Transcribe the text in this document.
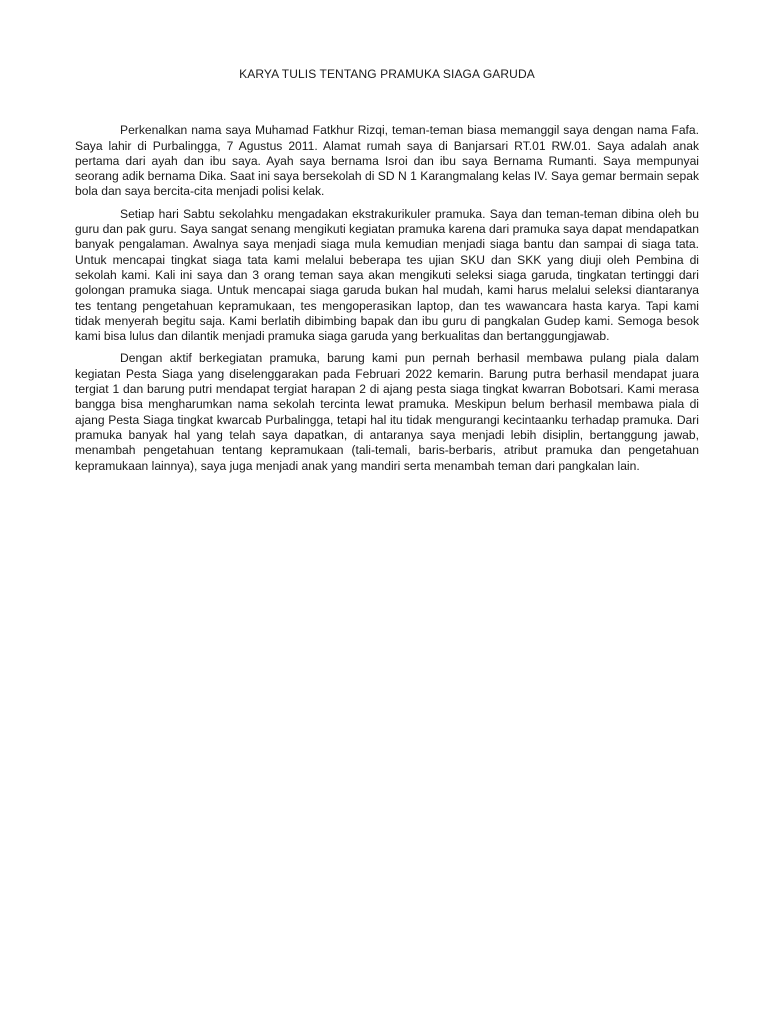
KARYA TULIS TENTANG PRAMUKA SIAGA GARUDA

Perkenalkan nama saya Muhamad Fatkhur Rizqi, teman-teman biasa memanggil saya dengan nama Fafa. Saya lahir di Purbalingga, 7 Agustus 2011. Alamat rumah saya di Banjarsari RT.01 RW.01. Saya adalah anak pertama dari ayah dan ibu saya. Ayah saya bernama Isroi dan ibu saya Bernama Rumanti. Saya mempunyai seorang adik bernama Dika. Saat ini saya bersekolah di SD N 1 Karangmalang kelas IV. Saya gemar bermain sepak bola dan saya bercita-cita menjadi polisi kelak.

Setiap hari Sabtu sekolahku mengadakan ekstrakurikuler pramuka. Saya dan teman-teman dibina oleh bu guru dan pak guru. Saya sangat senang mengikuti kegiatan pramuka karena dari pramuka saya dapat mendapatkan banyak pengalaman. Awalnya saya menjadi siaga mula kemudian menjadi siaga bantu dan sampai di siaga tata. Untuk mencapai tingkat siaga tata kami melalui beberapa tes ujian SKU dan SKK yang diuji oleh Pembina di sekolah kami. Kali ini saya dan 3 orang teman saya akan mengikuti seleksi siaga garuda, tingkatan tertinggi dari golongan pramuka siaga. Untuk mencapai siaga garuda bukan hal mudah, kami harus melalui seleksi diantaranya tes tentang pengetahuan kepramukaan, tes mengoperasikan laptop, dan tes wawancara hasta karya. Tapi kami tidak menyerah begitu saja. Kami berlatih dibimbing bapak dan ibu guru di pangkalan Gudep kami. Semoga besok kami bisa lulus dan dilantik menjadi pramuka siaga garuda yang berkualitas dan bertanggungjawab.

Dengan aktif berkegiatan pramuka, barung kami pun pernah berhasil membawa pulang piala dalam kegiatan Pesta Siaga yang diselenggarakan pada Februari 2022 kemarin. Barung putra berhasil mendapat juara tergiat 1 dan barung putri mendapat tergiat harapan 2 di ajang pesta siaga tingkat kwarran Bobotsari. Kami merasa bangga bisa mengharumkan nama sekolah tercinta lewat pramuka. Meskipun belum berhasil membawa piala di ajang Pesta Siaga tingkat kwarcab Purbalingga, tetapi hal itu tidak mengurangi kecintaanku terhadap pramuka. Dari pramuka banyak hal yang telah saya dapatkan, di antaranya saya menjadi lebih disiplin, bertanggung jawab, menambah pengetahuan tentang kepramukaan (tali-temali, baris-berbaris, atribut pramuka dan pengetahuan kepramukaan lainnya), saya juga menjadi anak yang mandiri serta menambah teman dari pangkalan lain.
